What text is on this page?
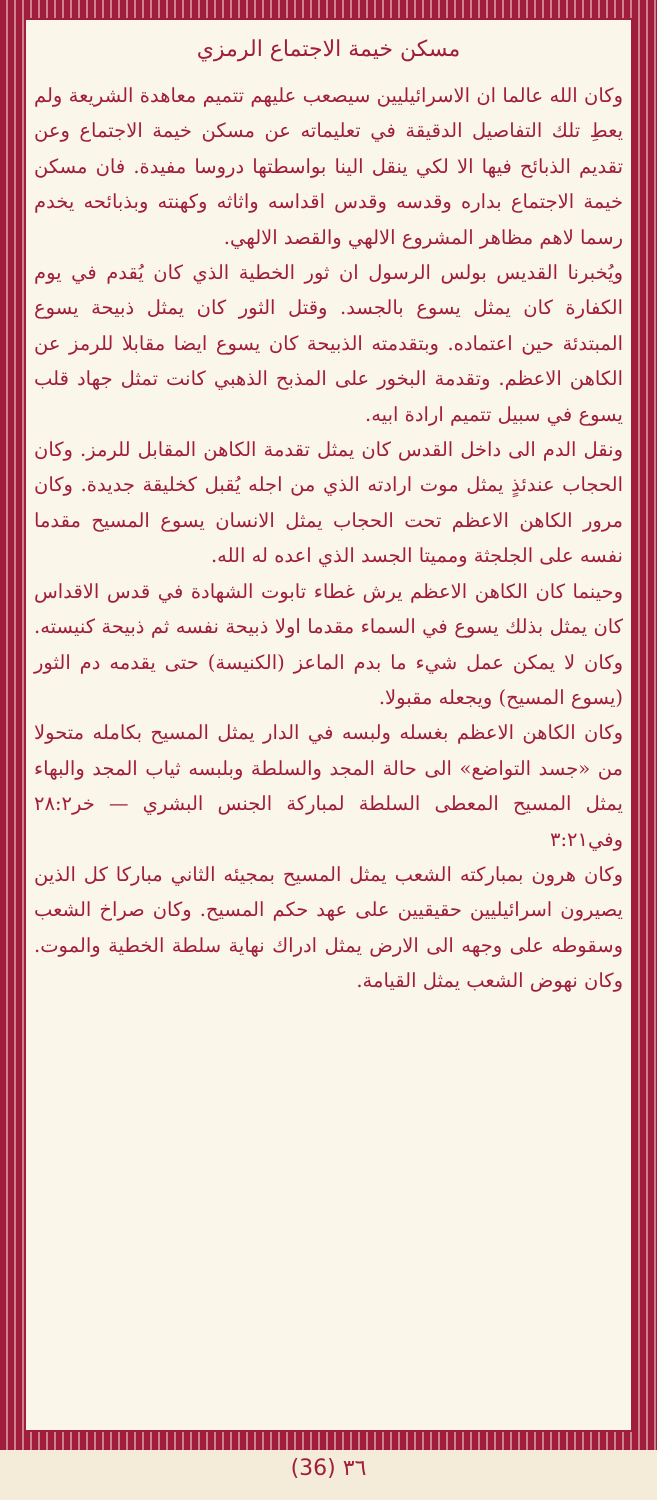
مسكن خيمة الاجتماع الرمزي

وكان الله عالما ان الاسرائيليين سيصعب عليهم تتميم معاهدة الشريعة ولم يعطِ تلك التفاصيل الدقيقة في تعليماته عن مسكن خيمة الاجتماع وعن تقديم الذبائح فيها الا لكي ينقل الينا بواسطتها دروسا مفيدة. فان مسكن خيمة الاجتماع بداره وقدسه وقدس اقداسه واثاثه وكهنته وبذبائحه يخدم رسما لاهم مظاهر المشروع الالهي والقصد الالهي.

ويُخبرنا القديس بولس الرسول ان ثور الخطية الذي كان يُقدم في يوم الكفارة كان يمثل يسوع بالجسد. وقتل الثور كان يمثل ذبيحة يسوع المبتدئة حين اعتماده. وبتقدمته الذبيحة كان يسوع ايضا مقابلا للرمز عن الكاهن الاعظم. وتقدمة البخور على المذبح الذهبي كانت تمثل جهاد قلب يسوع في سبيل تتميم ارادة ابيه.

ونقل الدم الى داخل القدس كان يمثل تقدمة الكاهن المقابل للرمز. وكان الحجاب عندئذٍ يمثل موت ارادته الذي من اجله يُقبل كخليقة جديدة. وكان مرور الكاهن الاعظم تحت الحجاب يمثل الانسان يسوع المسيح مقدما نفسه على الجلجثة ومميتا الجسد الذي اعده له الله.

وحينما كان الكاهن الاعظم يرش غطاء تابوت الشهادة في قدس الاقداس كان يمثل بذلك يسوع في السماء مقدما اولا ذبيحة نفسه ثم ذبيحة كنيسته. وكان لا يمكن عمل شيء ما بدم الماعز (الكنيسة) حتى يقدمه دم الثور (يسوع المسيح) ويجعله مقبولا.

وكان الكاهن الاعظم بغسله ولبسه في الدار يمثل المسيح بكامله متحولا من «جسد التواضع» الى حالة المجد والسلطة وبلبسه ثياب المجد والبهاء يمثل المسيح المعطى السلطة لمباركة الجنس البشري — خر٢٨:٢ وفي٣:٢١

وكان هرون بمباركته الشعب يمثل المسيح بمجيئه الثاني مباركا كل الذين يصيرون اسرائيليين حقيقيين على عهد حكم المسيح. وكان صراخ الشعب وسقوطه على وجهه الى الارض يمثل ادراك نهاية سلطة الخطية والموت. وكان نهوض الشعب يمثل القيامة.

(36) ٣٦
